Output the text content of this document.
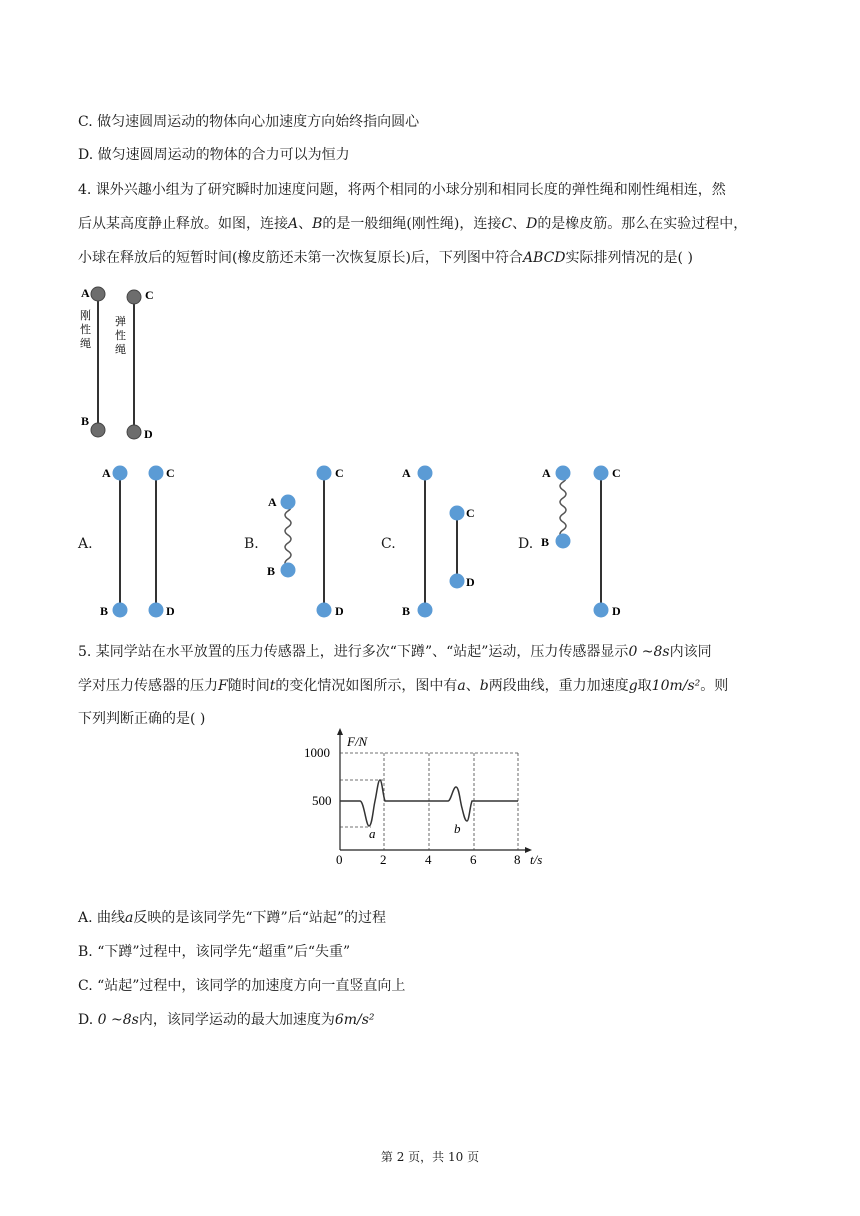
C. 做匀速圆周运动的物体向心加速度方向始终指向圆心
D. 做匀速圆周运动的物体的合力可以为恒力
4. 课外兴趣小组为了研究瞬时加速度问题，将两个相同的小球分别和相同长度的弹性绳和刚性绳相连，然
后从某高度静止释放。如图，连接A、B的是一般细绳(刚性绳)，连接C、D的是橡皮筋。那么在实验过程中，
小球在释放后的短暂时间(橡皮筋还未第一次恢复原长)后，下列图中符合ABCD实际排列情况的是( )
A
B
C
D
刚
性
绳
弹
性
绳
A.
A
B
C
D
B.
A
B
C
D
C.
A
B
C
D
D.
A
B
C
D
5. 某同学站在水平放置的压力传感器上，进行多次“下蹲”、“站起”运动，压力传感器显示0 ~8s内该同
学对压力传感器的压力F随时间t的变化情况如图所示，图中有a、b两段曲线，重力加速度g取10m/s²。则
下列判断正确的是( )
F/N
1000
500
0	2	4	6	8 t/s
a	b
A. 曲线a反映的是该同学先“下蹲”后“站起”的过程
B. “下蹲”过程中，该同学先“超重”后“失重”
C. “站起”过程中，该同学的加速度方向一直竖直向上
D. 0 ~8s内，该同学运动的最大加速度为6m/s²
第 2 页，共 10 页
